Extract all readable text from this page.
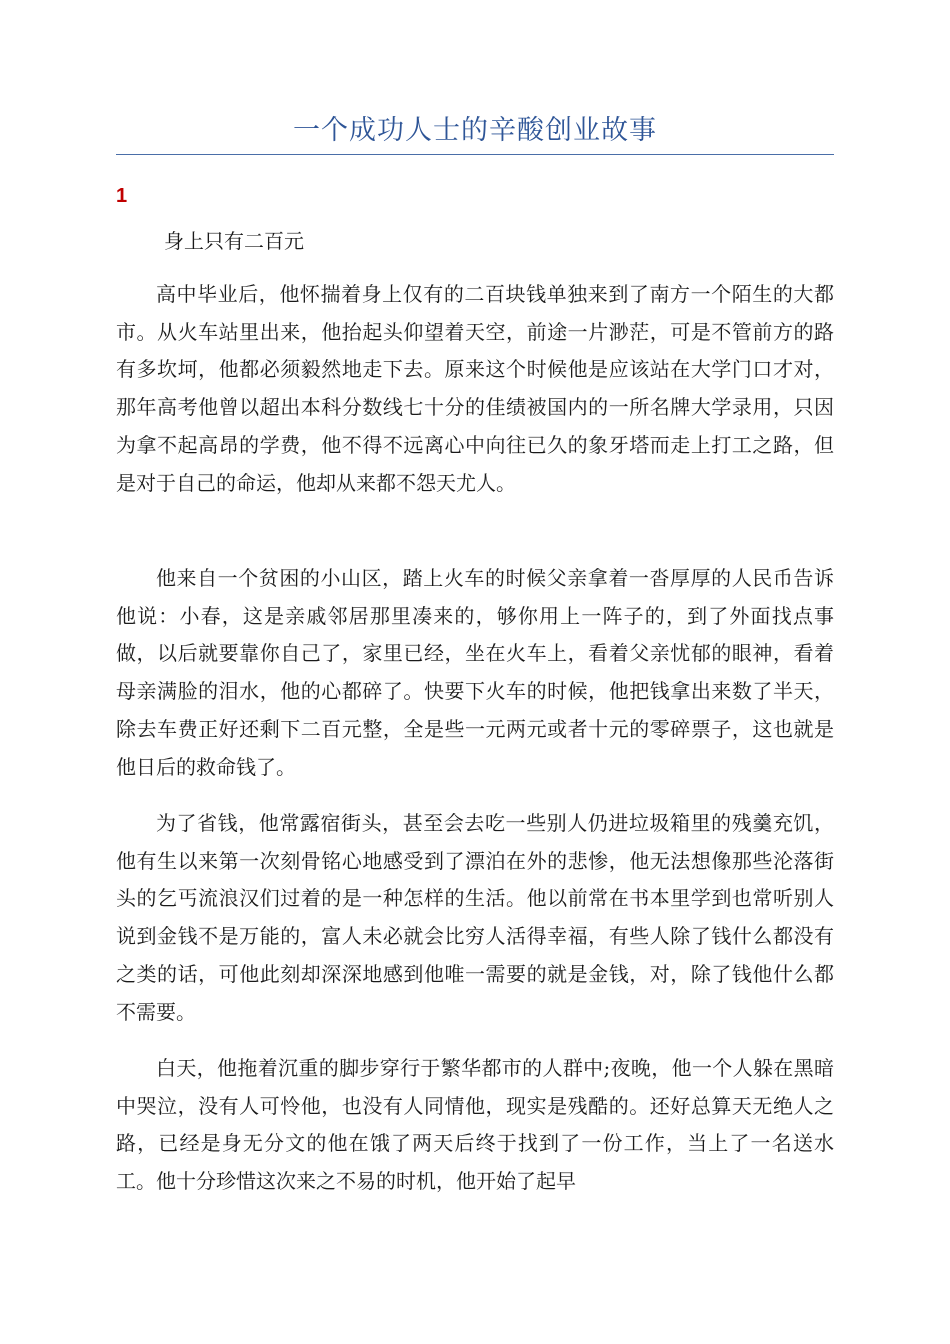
一个成功人士的辛酸创业故事
1
身上只有二百元

高中毕业后，他怀揣着身上仅有的二百块钱单独来到了南方一个陌生的大都市。从火车站里出来，他抬起头仰望着天空，前途一片渺茫，可是不管前方的路有多坎坷，他都必须毅然地走下去。原来这个时候他是应该站在大学门口才对，那年高考他曾以超出本科分数线七十分的佳绩被国内的一所名牌大学录用，只因为拿不起高昂的学费，他不得不远离心中向往已久的象牙塔而走上打工之路，但是对于自己的命运，他却从来都不怨天尤人。

他来自一个贫困的小山区，踏上火车的时候父亲拿着一沓厚厚的人民币告诉他说：小春，这是亲戚邻居那里凑来的，够你用上一阵子的，到了外面找点事做，以后就要靠你自己了，家里已经，坐在火车上，看着父亲忧郁的眼神，看着母亲满脸的泪水，他的心都碎了。快要下火车的时候，他把钱拿出来数了半天，除去车费正好还剩下二百元整，全是些一元两元或者十元的零碎票子，这也就是他日后的救命钱了。

为了省钱，他常露宿街头，甚至会去吃一些别人仍进垃圾箱里的残羹充饥，他有生以来第一次刻骨铭心地感受到了漂泊在外的悲惨，他无法想像那些沦落街头的乞丐流浪汉们过着的是一种怎样的生活。他以前常在书本里学到也常听别人说到金钱不是万能的，富人未必就会比穷人活得幸福，有些人除了钱什么都没有之类的话，可他此刻却深深地感到他唯一需要的就是金钱，对，除了钱他什么都不需要。

白天，他拖着沉重的脚步穿行于繁华都市的人群中;夜晚，他一个人躲在黑暗中哭泣，没有人可怜他，也没有人同情他，现实是残酷的。还好总算天无绝人之路，已经是身无分文的他在饿了两天后终于找到了一份工作，当上了一名送水工。他十分珍惜这次来之不易的时机，他开始了起早
